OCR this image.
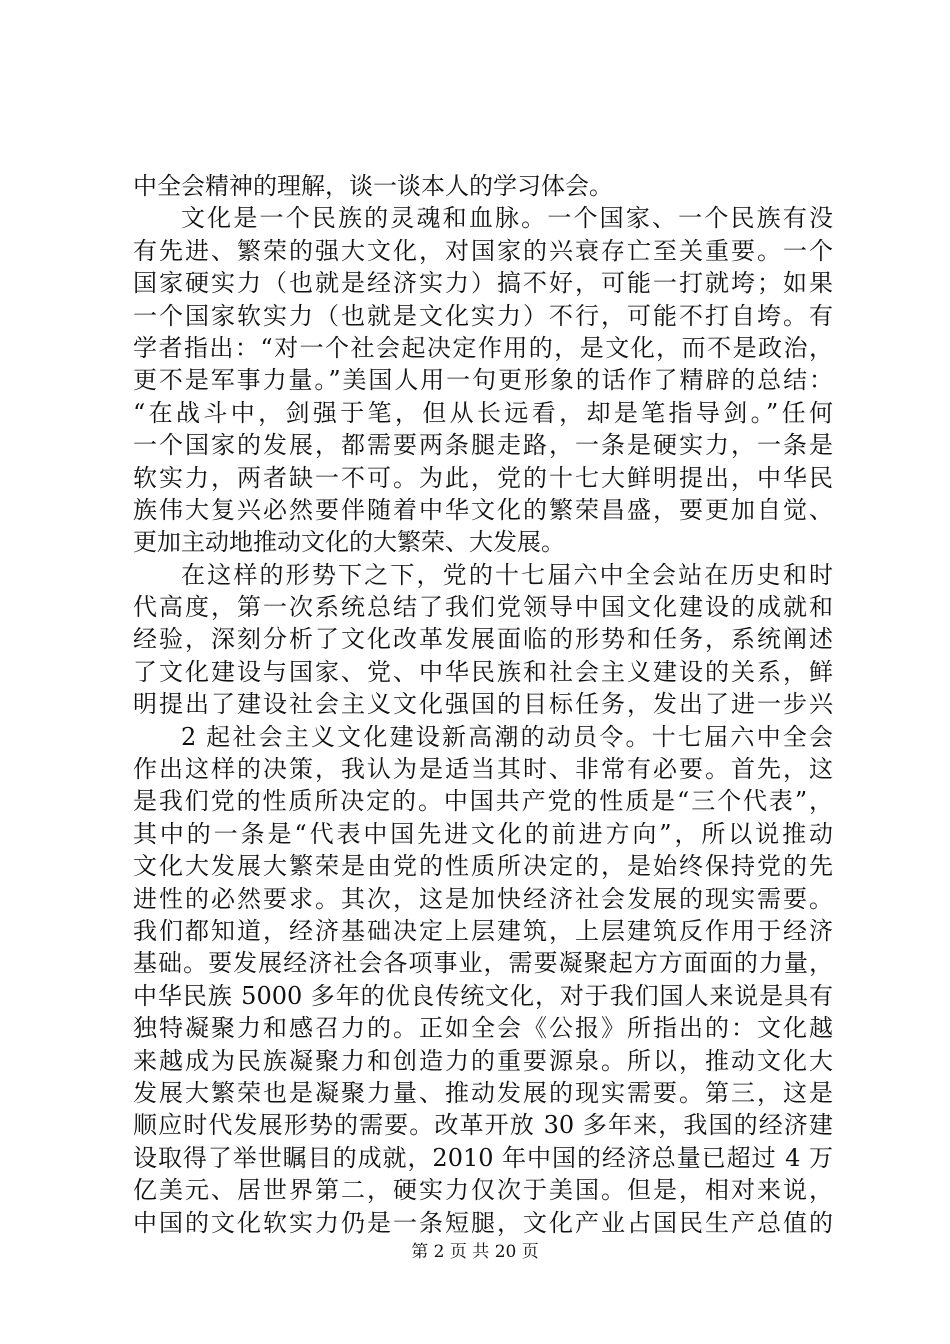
中全会精神的理解，谈一谈本人的学习体会。
文化是一个民族的灵魂和血脉。一个国家、一个民族有没
有先进、繁荣的强大文化，对国家的兴衰存亡至关重要。一个
国家硬实力（也就是经济实力）搞不好，可能一打就垮；如果
一个国家软实力（也就是文化实力）不行，可能不打自垮。有
学者指出：“对一个社会起决定作用的，是文化，而不是政治，
更不是军事力量。”美国人用一句更形象的话作了精辟的总结：
“在战斗中，剑强于笔，但从长远看，却是笔指导剑。”任何
一个国家的发展，都需要两条腿走路，一条是硬实力，一条是
软实力，两者缺一不可。为此，党的十七大鲜明提出，中华民
族伟大复兴必然要伴随着中华文化的繁荣昌盛，要更加自觉、
更加主动地推动文化的大繁荣、大发展。
在这样的形势下之下，党的十七届六中全会站在历史和时
代高度，第一次系统总结了我们党领导中国文化建设的成就和
经验，深刻分析了文化改革发展面临的形势和任务，系统阐述
了文化建设与国家、党、中华民族和社会主义建设的关系，鲜
明提出了建设社会主义文化强国的目标任务，发出了进一步兴
2 起社会主义文化建设新高潮的动员令。十七届六中全会
作出这样的决策，我认为是适当其时、非常有必要。首先，这
是我们党的性质所决定的。中国共产党的性质是“三个代表”，
其中的一条是“代表中国先进文化的前进方向”，所以说推动
文化大发展大繁荣是由党的性质所决定的，是始终保持党的先
进性的必然要求。其次，这是加快经济社会发展的现实需要。
我们都知道，经济基础决定上层建筑，上层建筑反作用于经济
基础。要发展经济社会各项事业，需要凝聚起方方面面的力量，
中华民族 5000 多年的优良传统文化，对于我们国人来说是具有
独特凝聚力和感召力的。正如全会《公报》所指出的：文化越
来越成为民族凝聚力和创造力的重要源泉。所以，推动文化大
发展大繁荣也是凝聚力量、推动发展的现实需要。第三，这是
顺应时代发展形势的需要。改革开放 30 多年来，我国的经济建
设取得了举世瞩目的成就，2010 年中国的经济总量已超过 4 万
亿美元、居世界第二，硬实力仅次于美国。但是，相对来说，
中国的文化软实力仍是一条短腿，文化产业占国民生产总值的
第 2 页 共 20 页
